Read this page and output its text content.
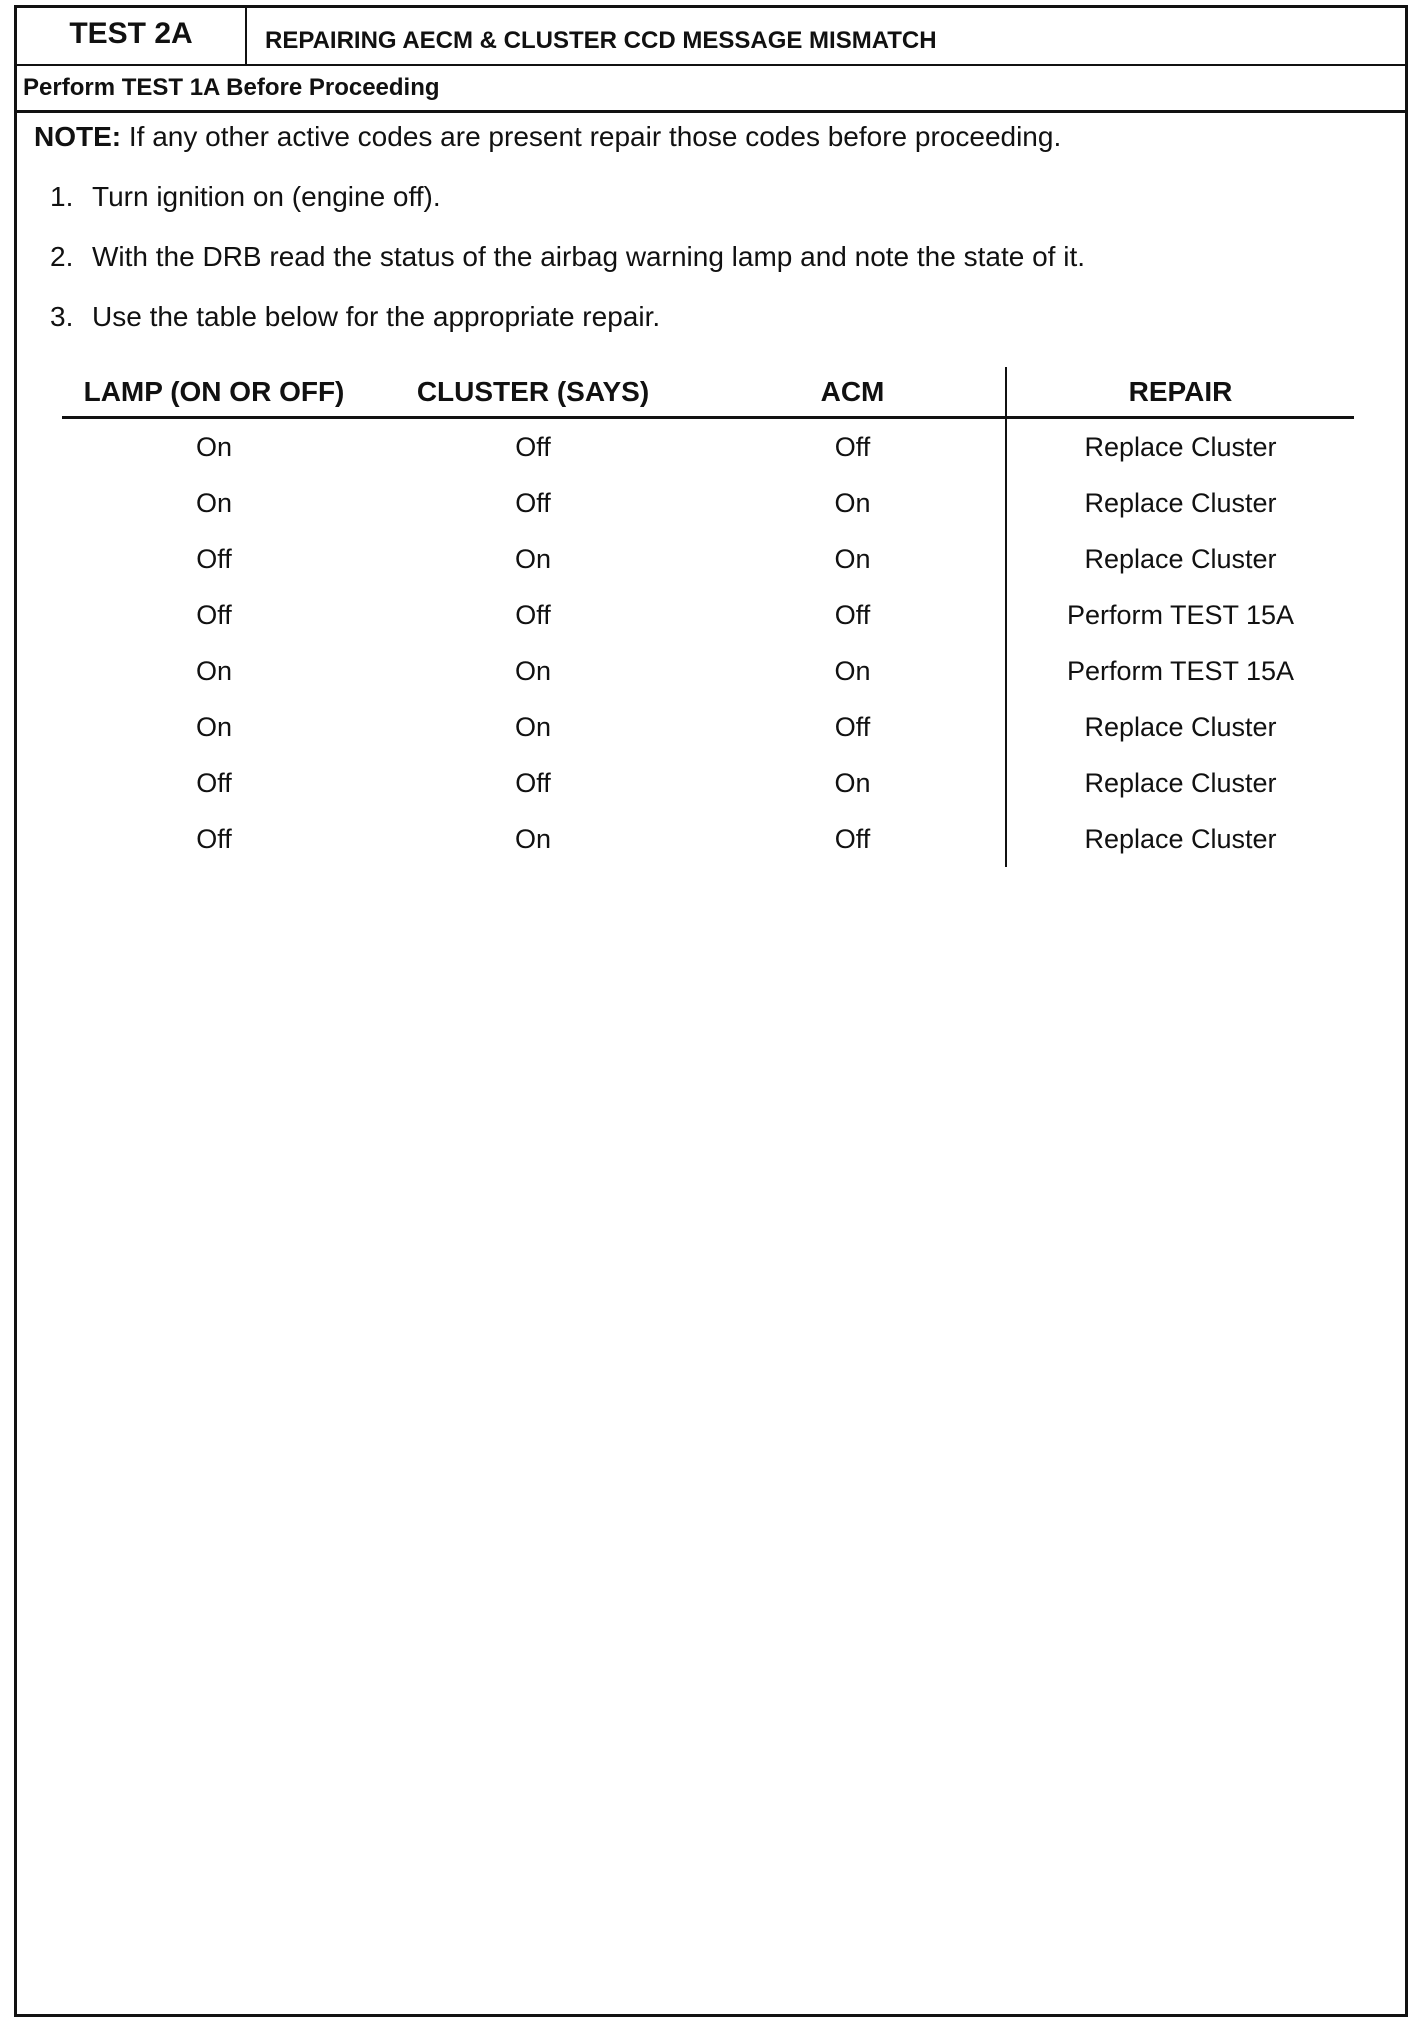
TEST 2A	REPAIRING AECM & CLUSTER CCD MESSAGE MISMATCH
Perform TEST 1A Before Proceeding
NOTE: If any other active codes are present repair those codes before proceeding.
1. Turn ignition on (engine off).
2. With the DRB read the status of the airbag warning lamp and note the state of it.
3. Use the table below for the appropriate repair.
LAMP (ON OR OFF)	CLUSTER (SAYS)	ACM	REPAIR
On	Off	Off	Replace Cluster
On	Off	On	Replace Cluster
Off	On	On	Replace Cluster
Off	Off	Off	Perform TEST 15A
On	On	On	Perform TEST 15A
On	On	Off	Replace Cluster
Off	Off	On	Replace Cluster
Off	On	Off	Replace Cluster
